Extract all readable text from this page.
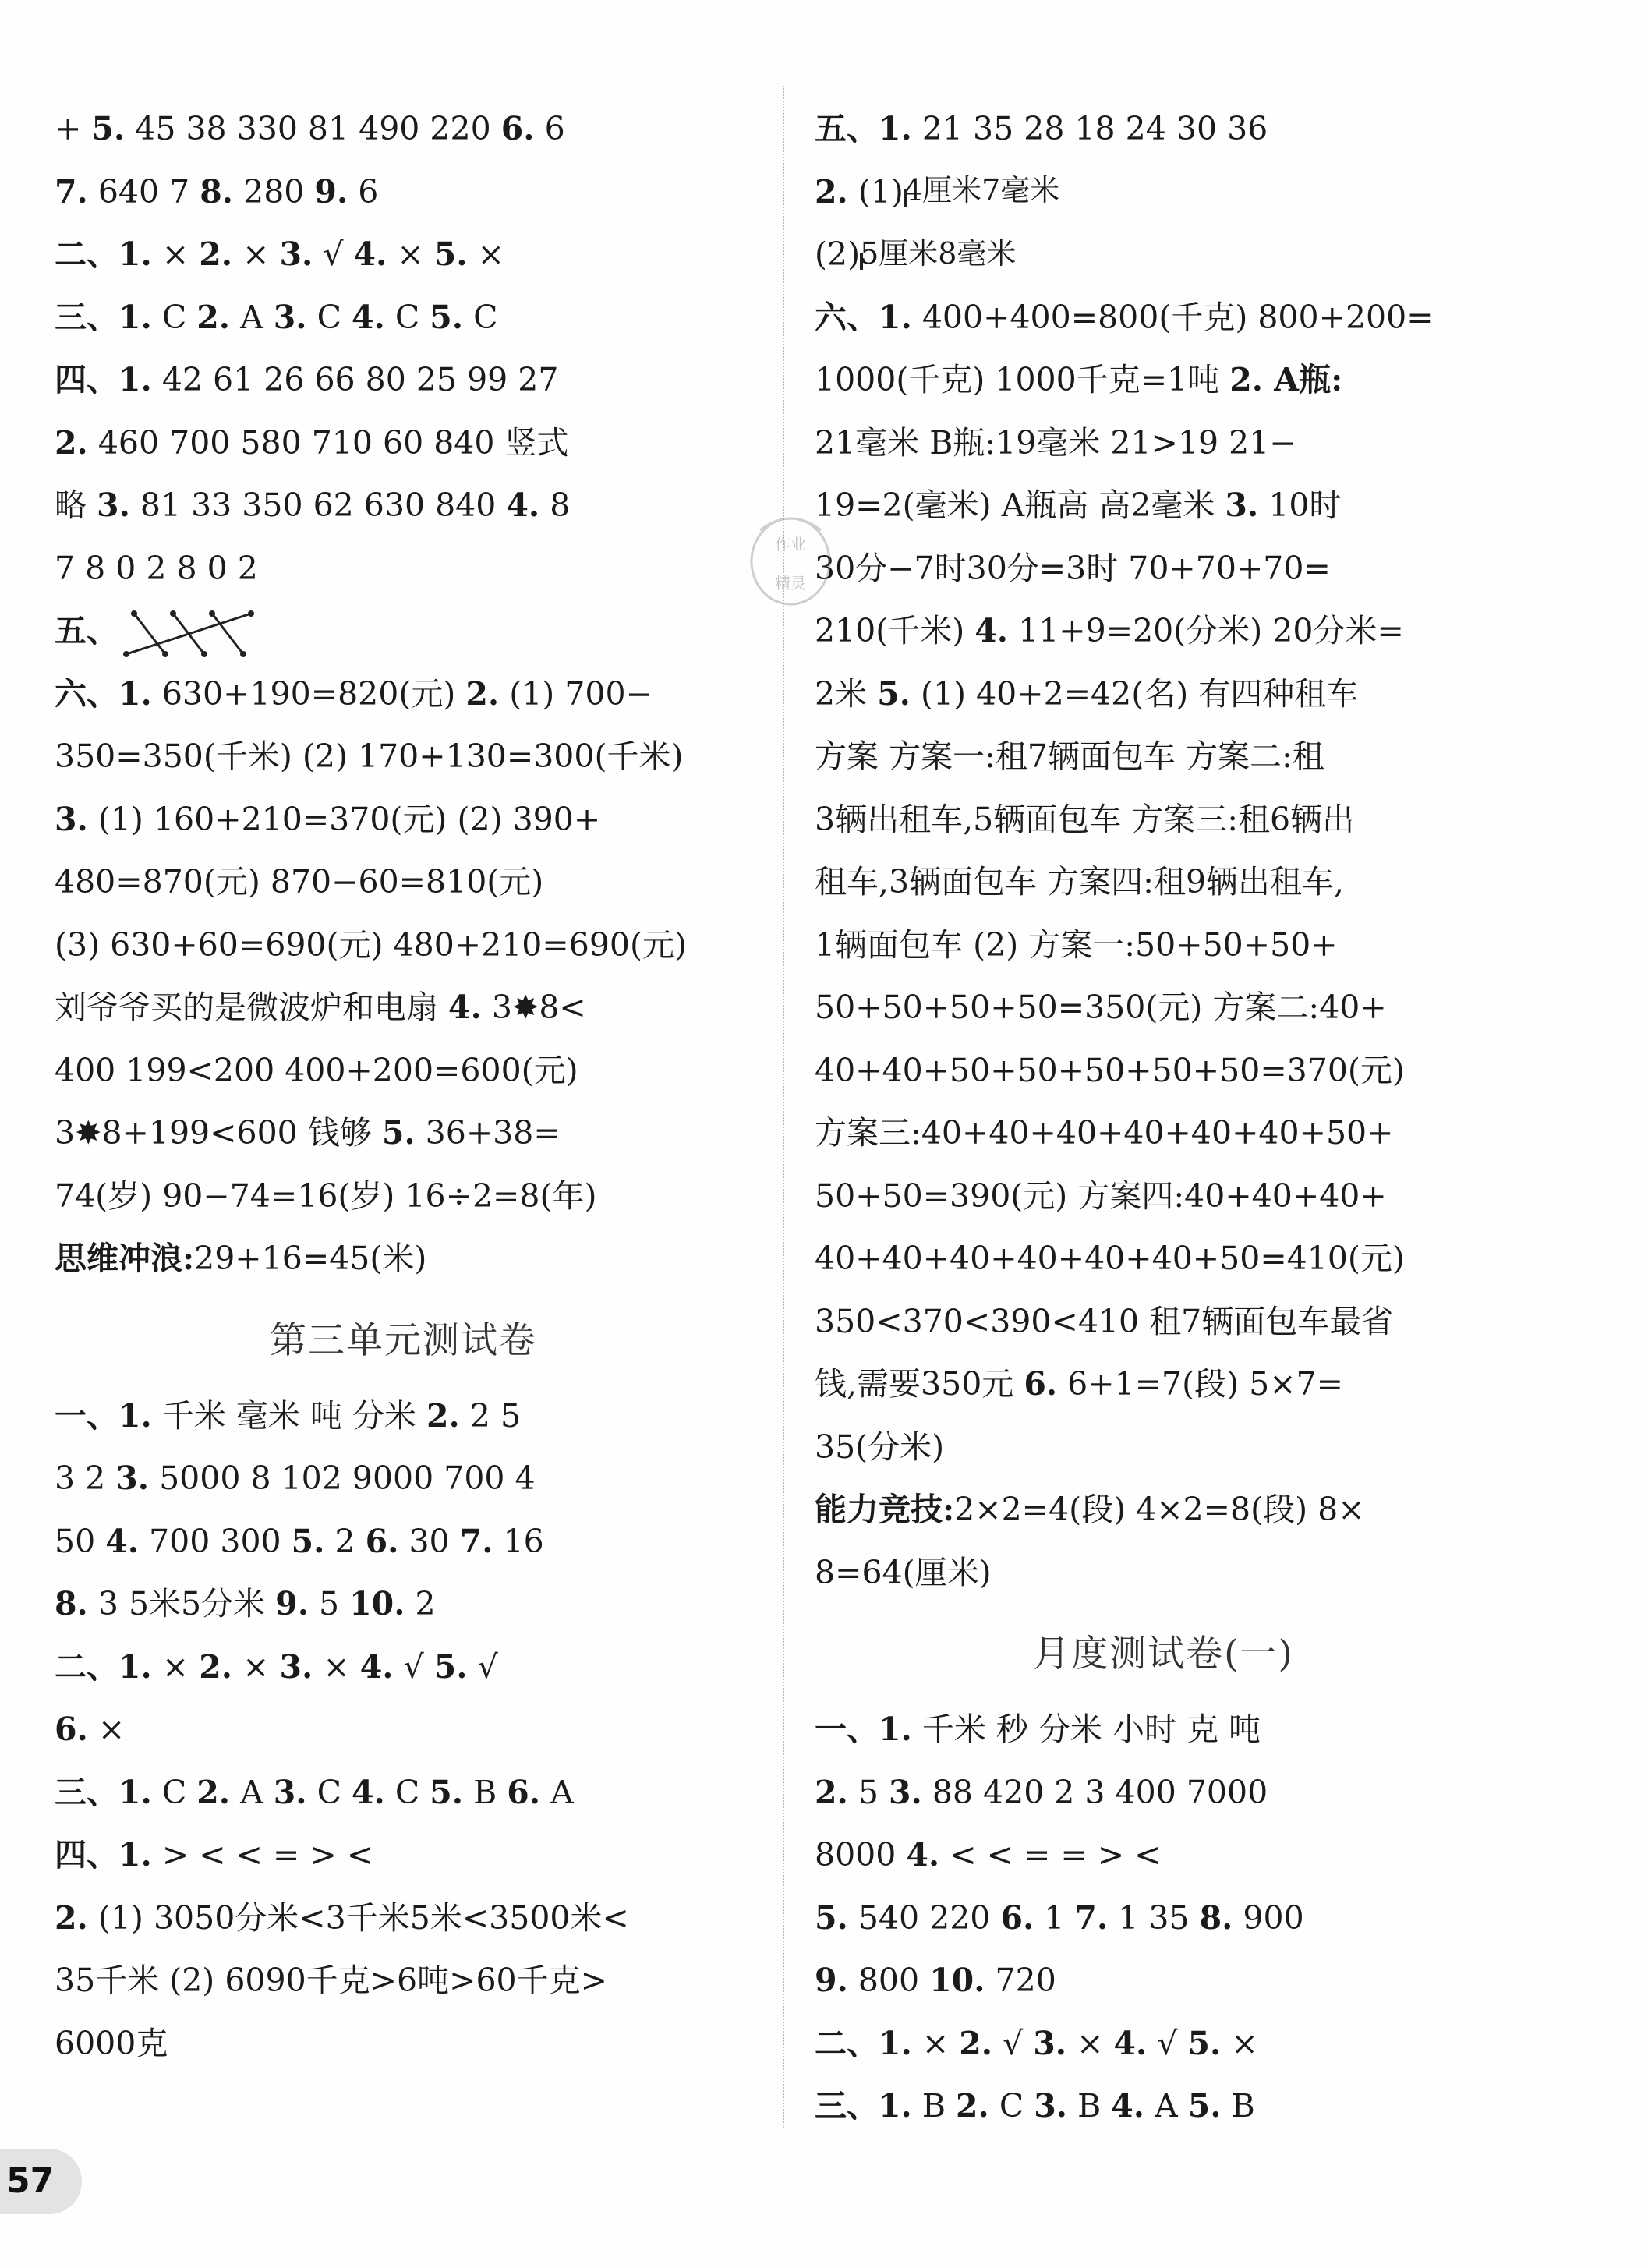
+ 5. 45 38 330 81 490 220 6. 6
7. 640 7 8. 280 9. 6
二、1. × 2. × 3. √ 4. × 5. ×
三、1. C 2. A 3. C 4. C 5. C
四、1. 42 61 26 66 80 25 99 27
2. 460 700 580 710 60 840 竖式
略 3. 81 33 350 62 630 840 4. 8
7 8 0 2 8 0 2
五、
六、1. 630+190=820(元) 2. (1) 700−
350=350(千米) (2) 170+130=300(千米)
3. (1) 160+210=370(元) (2) 390+
480=870(元) 870−60=810(元)
(3) 630+60=690(元) 480+210=690(元)
刘爷爷买的是微波炉和电扇 4. 3✸8<
400 199<200 400+200=600(元)
3✸8+199<600 钱够 5. 36+38=
74(岁) 90−74=16(岁) 16÷2=8(年)
思维冲浪:29+16=45(米)
第三单元测试卷
一、1. 千米 毫米 吨 分米 2. 2 5
3 2 3. 5000 8 102 9000 700 4
50 4. 700 300 5. 2 6. 30 7. 16
8. 3 5米5分米 9. 5 10. 2
二、1. × 2. × 3. × 4. √ 5. √
6. ×
三、1. C 2. A 3. C 4. C 5. B 6. A
四、1. > < < = > <
2. (1) 3050分米<3千米5米<3500米<
35千米 (2) 6090千克>6吨>60千克>
6000克
五、1. 21 35 28 18 24 30 36
2. (1) 4厘米7毫米
(2) 5厘米8毫米
六、1. 400+400=800(千克) 800+200=
1000(千克) 1000千克=1吨 2. A瓶:
21毫米 B瓶:19毫米 21>19 21−
19=2(毫米) A瓶高 高2毫米 3. 10时
30分−7时30分=3时 70+70+70=
210(千米) 4. 11+9=20(分米) 20分米=
2米 5. (1) 40+2=42(名) 有四种租车
方案 方案一:租7辆面包车 方案二:租
3辆出租车,5辆面包车 方案三:租6辆出
租车,3辆面包车 方案四:租9辆出租车,
1辆面包车 (2) 方案一:50+50+50+
50+50+50+50=350(元) 方案二:40+
40+40+50+50+50+50+50=370(元)
方案三:40+40+40+40+40+40+50+
50+50=390(元) 方案四:40+40+40+
40+40+40+40+40+40+50=410(元)
350<370<390<410 租7辆面包车最省
钱,需要350元 6. 6+1=7(段) 5×7=
35(分米)
能力竞技:2×2=4(段) 4×2=8(段) 8×
8=64(厘米)
月度测试卷(一)
一、1. 千米 秒 分米 小时 克 吨
2. 5 3. 88 420 2 3 400 7000
8000 4. < < = = > <
5. 540 220 6. 1 7. 1 35 8. 900
9. 800 10. 720
二、1. × 2. √ 3. × 4. √ 5. ×
三、1. B 2. C 3. B 4. A 5. B
作业
精灵
57
